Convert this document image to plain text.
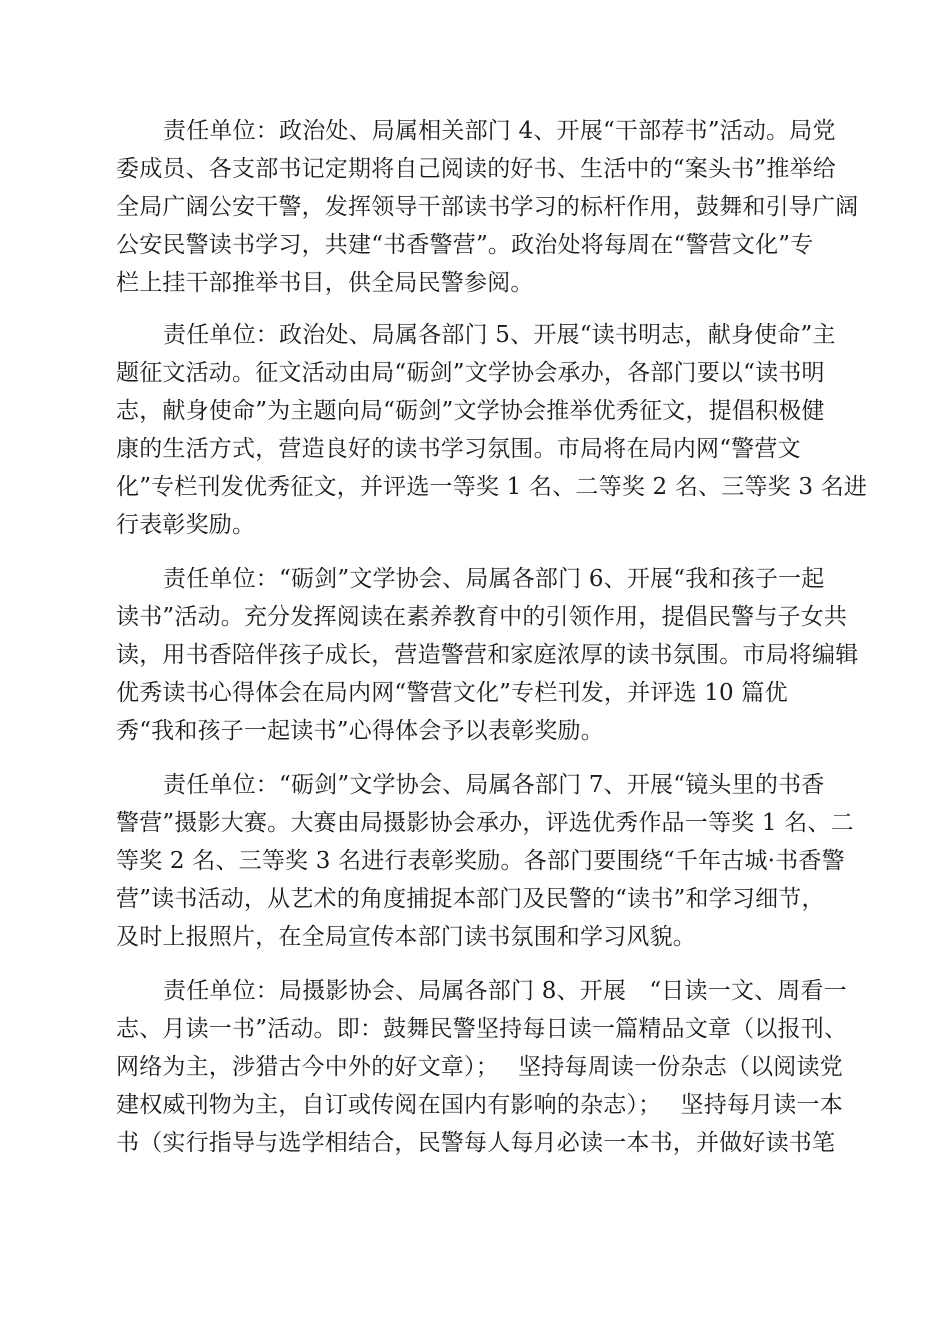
责任单位：政治处、局属相关部门 4、开展“干部荐书”活动。局党
委成员、各支部书记定期将自己阅读的好书、生活中的“案头书”推举给
全局广阔公安干警，发挥领导干部读书学习的标杆作用，鼓舞和引导广阔
公安民警读书学习，共建“书香警营”。政治处将每周在“警营文化”专
栏上挂干部推举书目，供全局民警参阅。
责任单位：政治处、局属各部门 5、开展“读书明志，献身使命”主
题征文活动。征文活动由局“砺剑”文学协会承办，各部门要以“读书明
志，献身使命”为主题向局“砺剑”文学协会推举优秀征文，提倡积极健
康的生活方式，营造良好的读书学习氛围。市局将在局内网“警营文
化”专栏刊发优秀征文，并评选一等奖 1 名、二等奖 2 名、三等奖 3 名进
行表彰奖励。
责任单位：“砺剑”文学协会、局属各部门 6、开展“我和孩子一起
读书”活动。充分发挥阅读在素养教育中的引领作用，提倡民警与子女共
读，用书香陪伴孩子成长，营造警营和家庭浓厚的读书氛围。市局将编辑
优秀读书心得体会在局内网“警营文化”专栏刊发，并评选 10 篇优
秀“我和孩子一起读书”心得体会予以表彰奖励。
责任单位：“砺剑”文学协会、局属各部门 7、开展“镜头里的书香
警营”摄影大赛。大赛由局摄影协会承办，评选优秀作品一等奖 1 名、二
等奖 2 名、三等奖 3 名进行表彰奖励。各部门要围绕“千年古城·书香警
营”读书活动，从艺术的角度捕捉本部门及民警的“读书”和学习细节，
及时上报照片，在全局宣传本部门读书氛围和学习风貌。
责任单位：局摄影协会、局属各部门 8、开展　“日读一文、周看一
志、月读一书”活动。即：鼓舞民警坚持每日读一篇精品文章（以报刊、
网络为主，涉猎古今中外的好文章）；　 坚持每周读一份杂志（以阅读党
建权威刊物为主，自订或传阅在国内有影响的杂志）；　 坚持每月读一本
书（实行指导与选学相结合，民警每人每月必读一本书，并做好读书笔
